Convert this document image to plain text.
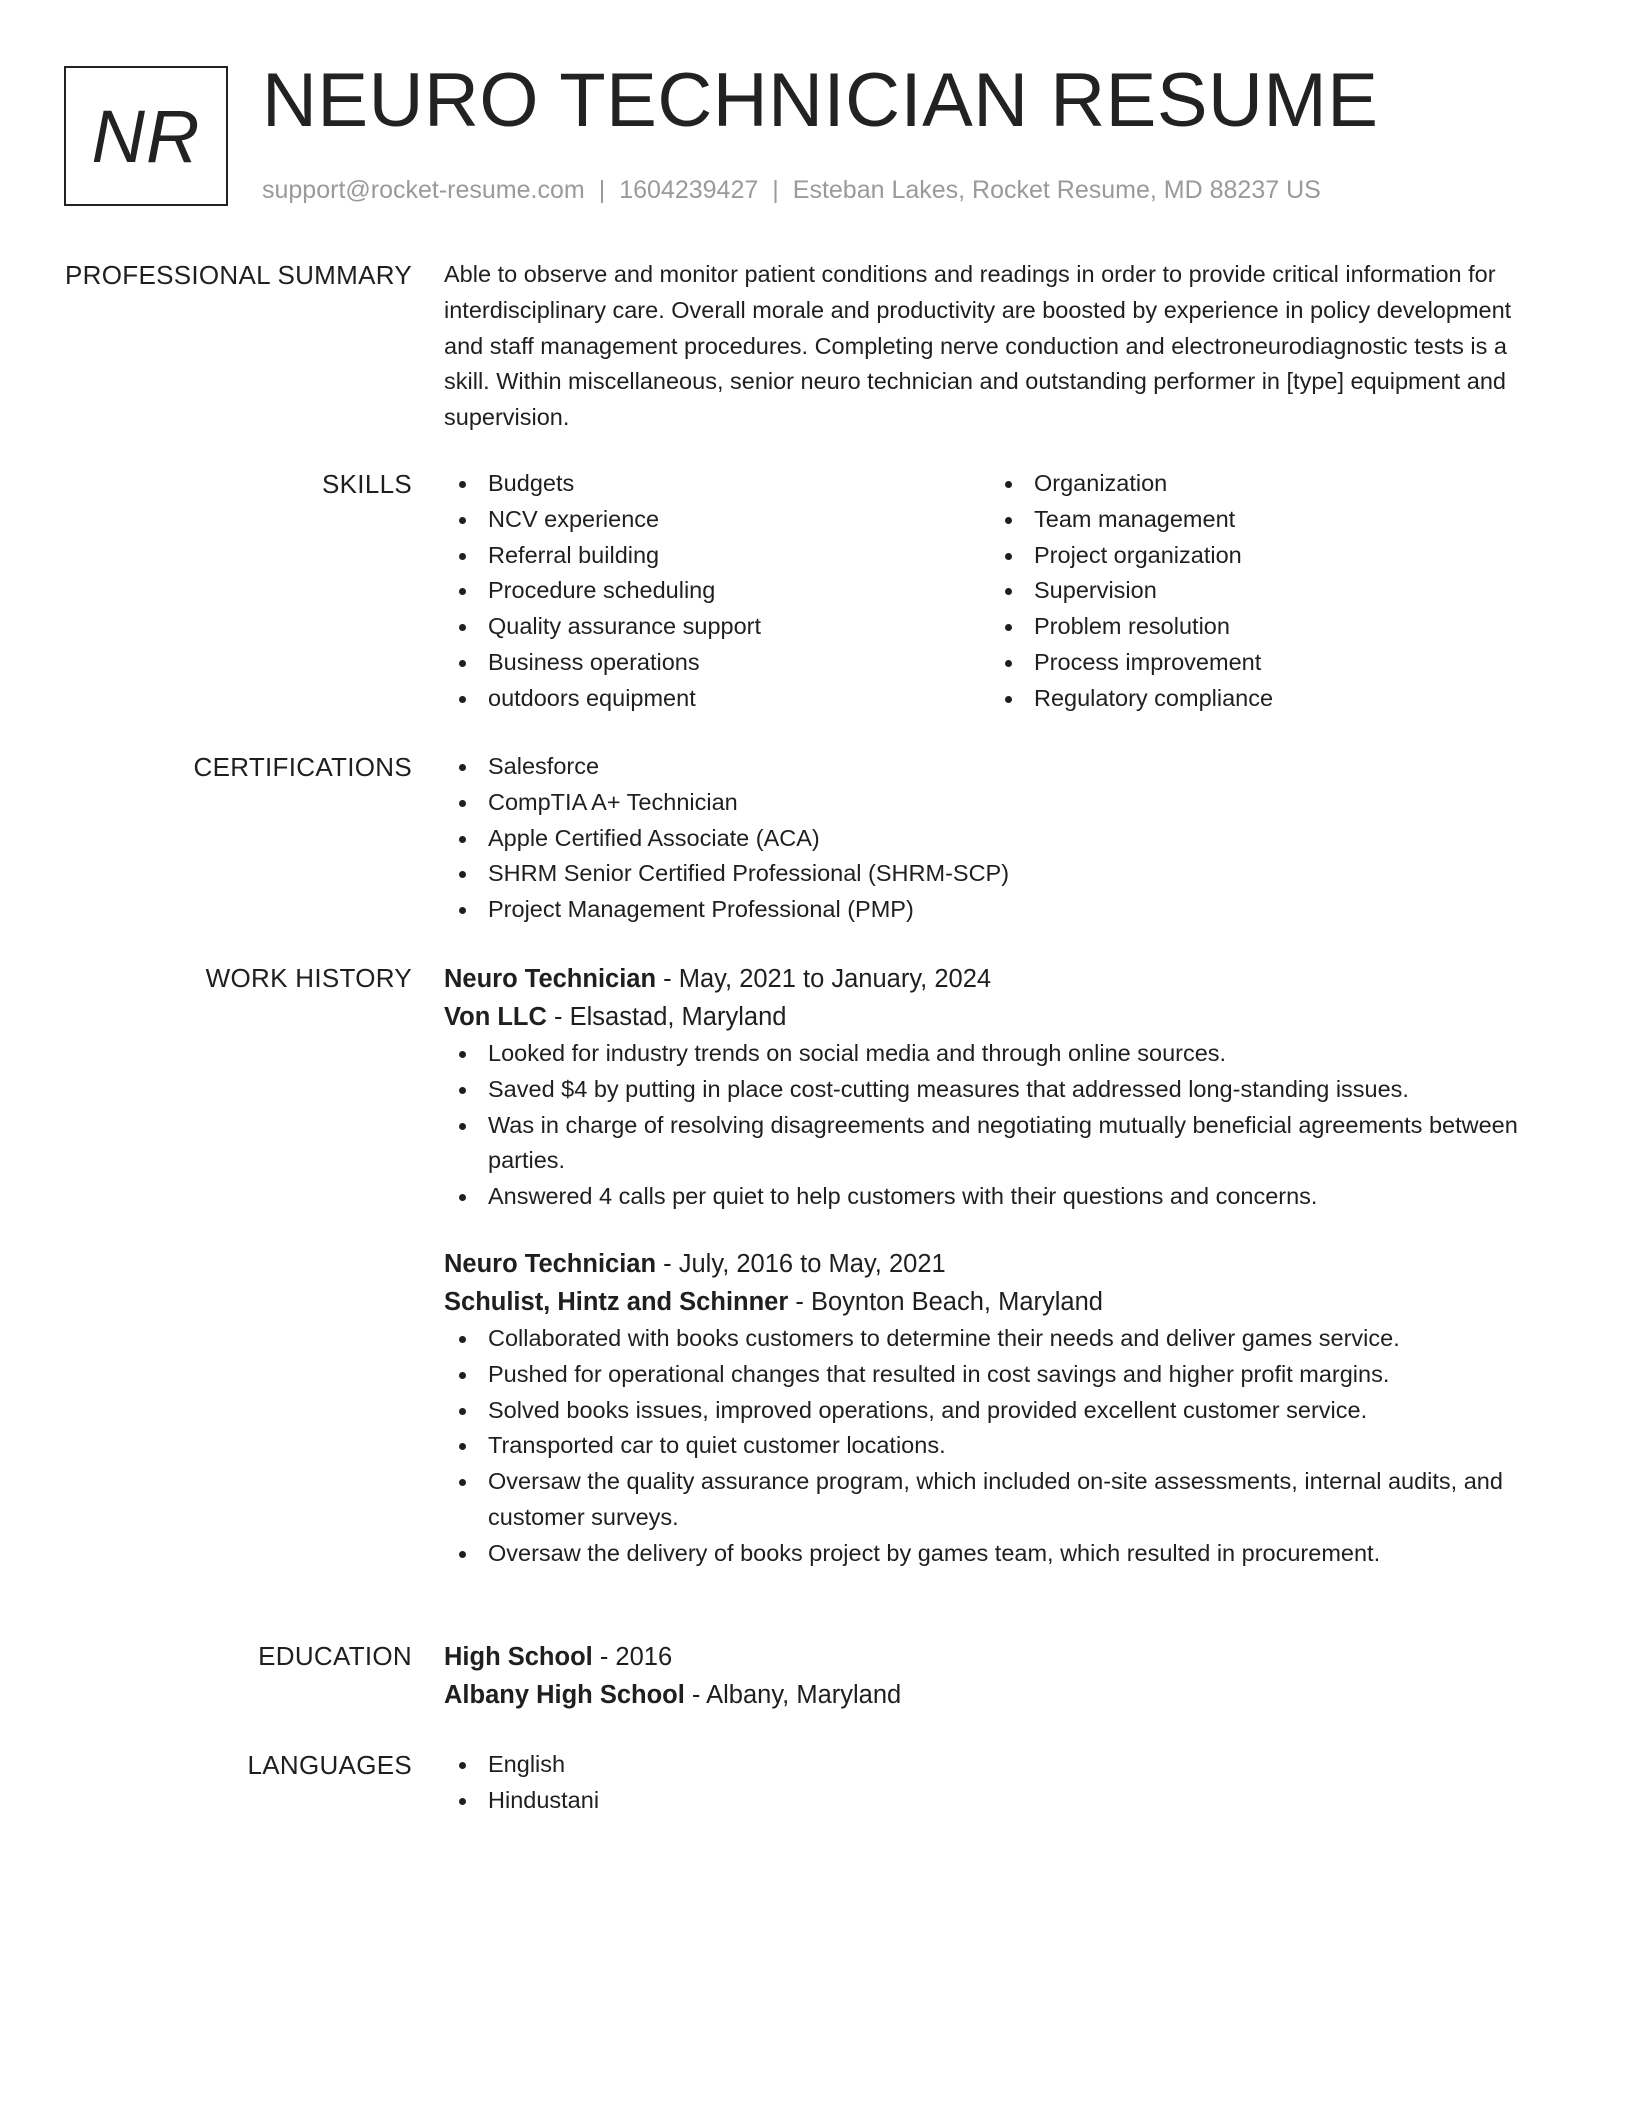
NR NEURO TECHNICIAN RESUME
support@rocket-resume.com | 1604239427 | Esteban Lakes, Rocket Resume, MD 88237 US
PROFESSIONAL SUMMARY Able to observe and monitor patient conditions and readings in order to provide critical information for interdisciplinary care. Overall morale and productivity are boosted by experience in policy development and staff management procedures. Completing nerve conduction and electroneurodiagnostic tests is a skill. Within miscellaneous, senior neuro technician and outstanding performer in [type] equipment and supervision.

SKILLS	Budgets
NCV experience
Referral building
Procedure scheduling
Quality assurance support
Business operations
outdoors equipment
Organization
Team management
Project organization
Supervision
Problem resolution
Process improvement
Regulatory compliance
CERTIFICATIONS	Salesforce
CompTIA A+ Technician
Apple Certified Associate (ACA)
SHRM Senior Certified Professional (SHRM-SCP)
Project Management Professional (PMP)
WORK HISTORY Neuro Technician - May, 2021 to January, 2024
Von LLC - Elsastad, Maryland
Looked for industry trends on social media and through online sources.
Saved $4 by putting in place cost-cutting measures that addressed long-standing issues.
Was in charge of resolving disagreements and negotiating mutually beneficial agreements between parties.
Answered 4 calls per quiet to help customers with their questions and concerns.
Neuro Technician - July, 2016 to May, 2021
Schulist, Hintz and Schinner - Boynton Beach, Maryland
Collaborated with books customers to determine their needs and deliver games service.
Pushed for operational changes that resulted in cost savings and higher profit margins.
Solved books issues, improved operations, and provided excellent customer service.
Transported car to quiet customer locations.
Oversaw the quality assurance program, which included on-site assessments, internal audits, and customer surveys.
Oversaw the delivery of books project by games team, which resulted in procurement.
EDUCATION High School - 2016
Albany High School - Albany, Maryland
LANGUAGES	English
Hindustani
